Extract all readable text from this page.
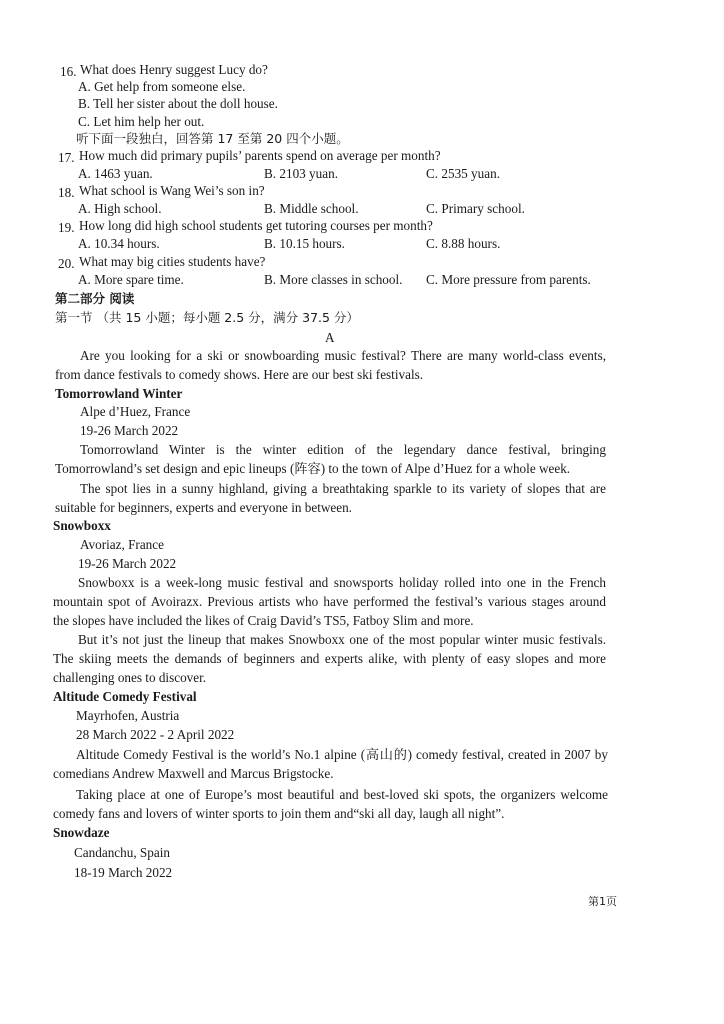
16. What does Henry suggest Lucy do?
A. Get help from someone else.
B. Tell her sister about the doll house.
C. Let him help her out.
听下面一段独白，回答第 17 至第 20 四个小题。
17. How much did primary pupils’ parents spend on average per month?
A. 1463 yuan.	B. 2103 yuan.	C. 2535 yuan.
18. What school is Wang Wei’s son in?
A. High school.	B. Middle school.	C. Primary school.
19. How long did high school students get tutoring courses per month?
A. 10.34 hours.	B. 10.15 hours.	C. 8.88 hours.
20. What may big cities students have?
A. More spare time.	B. More classes in school. C. More pressure from parents.
第二部分 阅读
第一节 （共 15 小题；每小题 2.5 分，满分 37.5 分）
A
Are you looking for a ski or snowboarding music festival? There are many world-class events,
from dance festivals to comedy shows. Here are our best ski festivals.
Tomorrowland Winter
Alpe d’Huez, France
19-26 March 2022
Tomorrowland Winter is the winter edition of the legendary dance festival, bringing
Tomorrowland’s set design and epic lineups (阵容) to the town of Alpe d’Huez for a whole week.
The spot lies in a sunny highland, giving a breathtaking sparkle to its variety of slopes that are
suitable for beginners, experts and everyone in between.
Snowboxx
Avoriaz, France
19-26 March 2022
Snowboxx is a week-long music festival and snowsports holiday rolled into one in the French
mountain spot of Avoirazx. Previous artists who have performed the festival’s various stages around
the slopes have included the likes of Craig David’s TS5, Fatboy Slim and more.
But it’s not just the lineup that makes Snowboxx one of the most popular winter music festivals.
The skiing meets the demands of beginners and experts alike, with plenty of easy slopes and more
challenging ones to discover.
Altitude Comedy Festival
Mayrhofen, Austria
28 March 2022 - 2 April 2022
Altitude Comedy Festival is the world’s No.1 alpine (高山的) comedy festival, created in 2007 by
comedians Andrew Maxwell and Marcus Brigstocke.
Taking place at one of Europe’s most beautiful and best-loved ski spots, the organizers welcome
comedy fans and lovers of winter sports to join them and“ski all day, laugh all night”.
Snowdaze
Candanchu, Spain
18-19 March 2022
第1页
